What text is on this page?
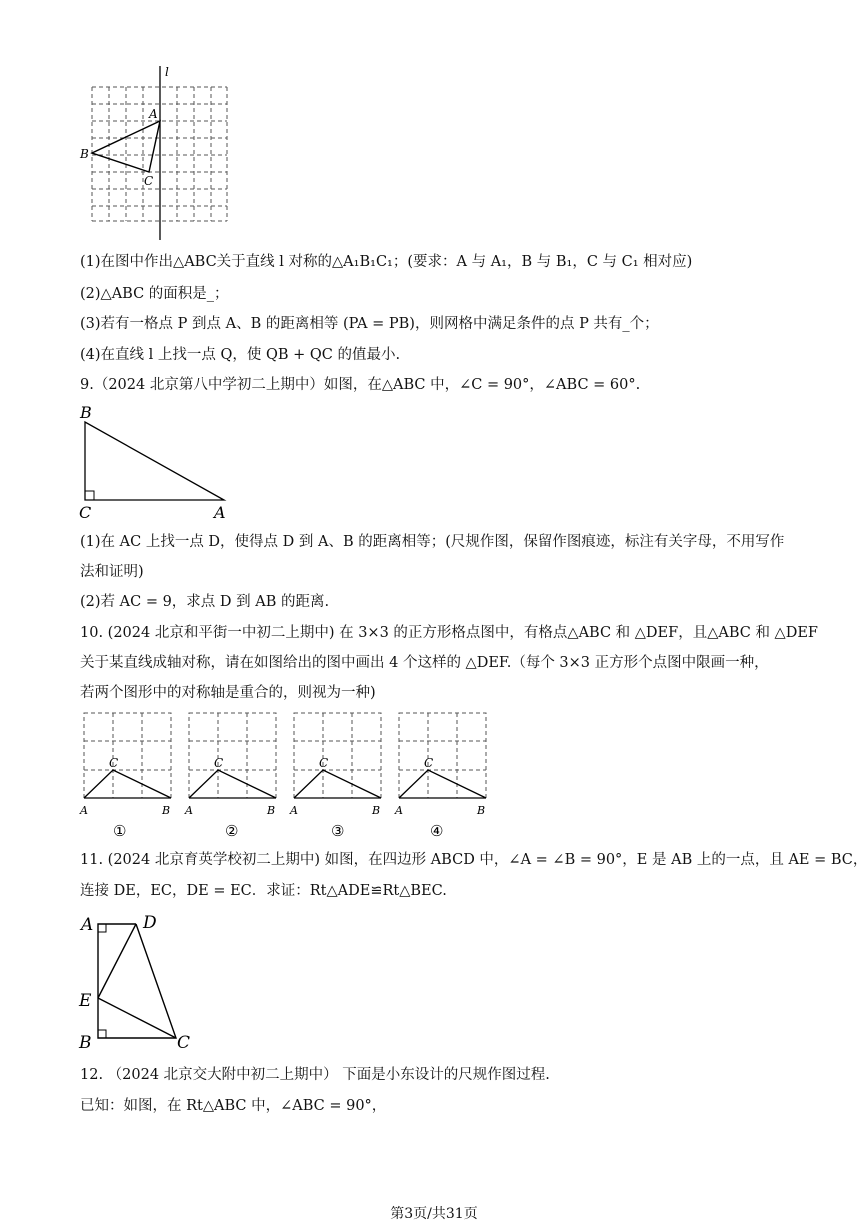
l
A
B
C
(1)在图中作出△ABC关于直线 l 对称的△A₁B₁C₁；(要求：A 与 A₁，B 与 B₁，C 与 C₁ 相对应)
(2)△ABC 的面积是_；
(3)若有一格点 P 到点 A、B 的距离相等 (PA = PB)，则网格中满足条件的点 P 共有_个；
(4)在直线 l 上找一点 Q，使 QB + QC 的值最小.
9.（2024 北京第八中学初二上期中）如图，在△ABC 中，∠C = 90°，∠ABC = 60°.
B
C	A
(1)在 AC 上找一点 D，使得点 D 到 A、B 的距离相等；(尺规作图，保留作图痕迹，标注有关字母，不用写作
法和证明)
(2)若 AC = 9，求点 D 到 AB 的距离.
10. (2024 北京和平街一中初二上期中) 在 3×3 的正方形格点图中，有格点△ABC 和 △DEF，且△ABC 和 △DEF
关于某直线成轴对称，请在如图给出的图中画出 4 个这样的 △DEF.（每个 3×3 正方形个点图中限画一种，
若两个图形中的对称轴是重合的，则视为一种)
C
A	B
①
C
A	B
②
C
A	B
③
C
A	B
④
11. (2024 北京育英学校初二上期中) 如图，在四边形 ABCD 中，∠A = ∠B = 90°，E 是 AB 上的一点，且 AE = BC，
连接 DE，EC，DE = EC．求证：Rt△ADE≌Rt△BEC.
A	D
E
B	C
12. （2024 北京交大附中初二上期中） 下面是小东设计的尺规作图过程.
已知：如图，在 Rt△ABC 中，∠ABC = 90°，
第3页/共31页
